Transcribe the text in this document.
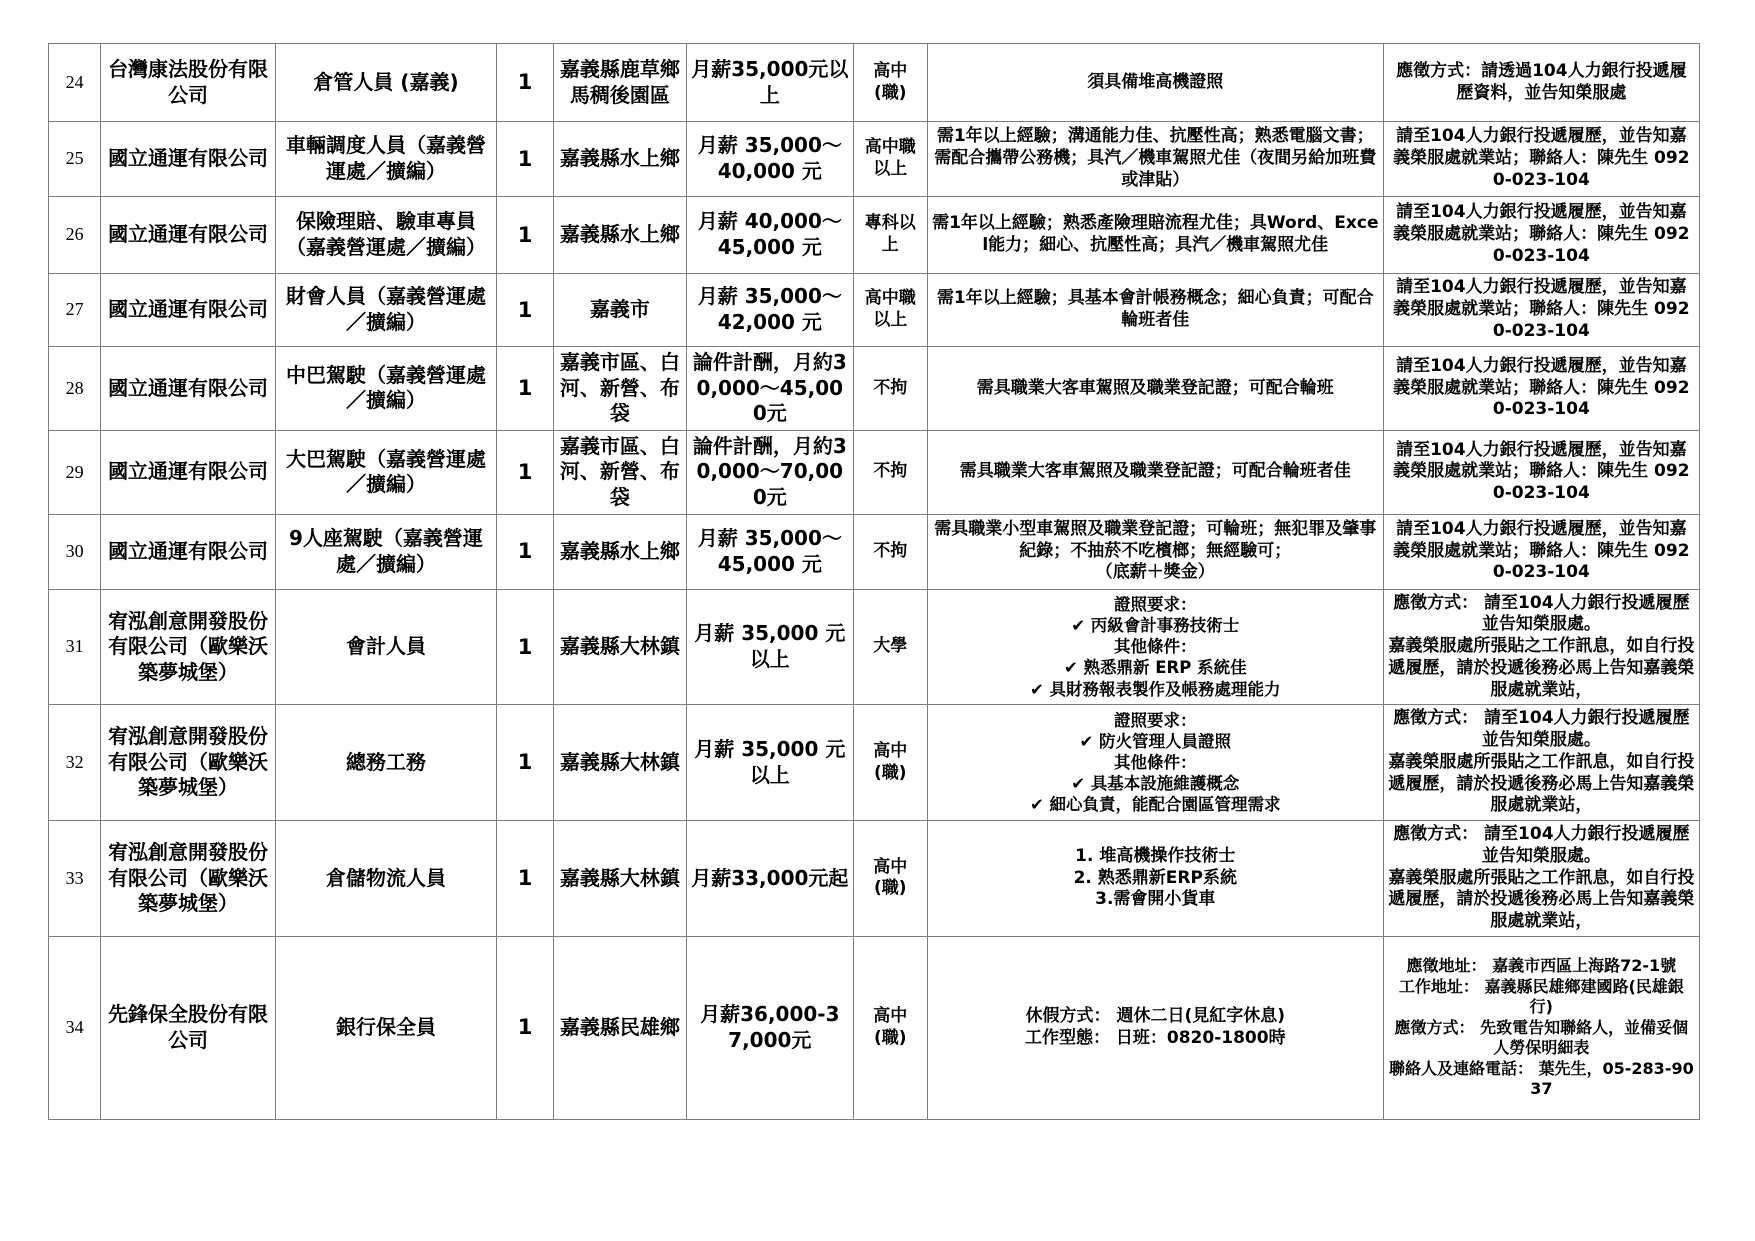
24	台灣康法股份有限公司	倉管人員 (嘉義)	1	嘉義縣鹿草鄉馬稠後園區	月薪35,000元以上	高中
(職)	須具備堆高機證照	應徵方式：請透過104人力銀行投遞履歷資料，並告知榮服處

25	國立通運有限公司	車輛調度人員（嘉義營運處／擴編）	1	嘉義縣水上鄉	月薪 35,000～40,000 元	高中職
以上	需1年以上經驗；溝通能力佳、抗壓性高；熟悉電腦文書；需配合攜帶公務機；具汽／機車駕照尤佳（夜間另給加班費或津貼）	請至104人力銀行投遞履歷，並告知嘉義榮服處就業站；聯絡人：陳先生 0920-023-104

26	國立通運有限公司	保險理賠、驗車專員（嘉義營運處／擴編）	1	嘉義縣水上鄉	月薪 40,000～45,000 元	專科以上	需1年以上經驗；熟悉產險理賠流程尤佳；具Word、Excel能力；細心、抗壓性高；具汽／機車駕照尤佳	請至104人力銀行投遞履歷，並告知嘉義榮服處就業站；聯絡人：陳先生 0920-023-104

27	國立通運有限公司	財會人員（嘉義營運處／擴編）	1	嘉義市	月薪 35,000～42,000 元	高中職
以上	需1年以上經驗；具基本會計帳務概念；細心負責；可配合輪班者佳	請至104人力銀行投遞履歷，並告知嘉義榮服處就業站；聯絡人：陳先生 0920-023-104

28	國立通運有限公司	中巴駕駛（嘉義營運處／擴編）	1	嘉義市區、白河、新營、布袋	論件計酬，月約30,000～45,000元	不拘	需具職業大客車駕照及職業登記證；可配合輪班	請至104人力銀行投遞履歷，並告知嘉義榮服處就業站；聯絡人：陳先生 0920-023-104

29	國立通運有限公司	大巴駕駛（嘉義營運處／擴編）	1	嘉義市區、白河、新營、布袋	論件計酬，月約30,000～70,000元	不拘	需具職業大客車駕照及職業登記證；可配合輪班者佳	請至104人力銀行投遞履歷，並告知嘉義榮服處就業站；聯絡人：陳先生 0920-023-104

30	國立通運有限公司	9人座駕駛（嘉義營運處／擴編）	1	嘉義縣水上鄉	月薪 35,000～45,000 元	不拘	需具職業小型車駕照及職業登記證；可輪班；無犯罪及肇事紀錄；不抽菸不吃檳榔；無經驗可；
（底薪＋獎金）	請至104人力銀行投遞履歷，並告知嘉義榮服處就業站；聯絡人：陳先生 0920-023-104

31	宥泓創意開發股份有限公司（歐樂沃築夢城堡）	會計人員	1	嘉義縣大林鎮	月薪 35,000 元以上	大學	證照要求：
✔ 丙級會計事務技術士
其他條件：
✔ 熟悉鼎新 ERP 系統佳
✔ 具財務報表製作及帳務處理能力	應徵方式： 請至104人力銀行投遞履歷並告知榮服處。
嘉義榮服處所張貼之工作訊息，如自行投遞履歷，請於投遞後務必馬上告知嘉義榮服處就業站，

32	宥泓創意開發股份有限公司（歐樂沃築夢城堡）	總務工務	1	嘉義縣大林鎮	月薪 35,000 元以上	高中
(職)	證照要求：
✔ 防火管理人員證照
其他條件：
✔ 具基本設施維護概念
✔ 細心負責，能配合園區管理需求	應徵方式： 請至104人力銀行投遞履歷並告知榮服處。
嘉義榮服處所張貼之工作訊息，如自行投遞履歷，請於投遞後務必馬上告知嘉義榮服處就業站，

33	宥泓創意開發股份有限公司（歐樂沃築夢城堡）	倉儲物流人員	1	嘉義縣大林鎮	月薪33,000元起	高中
(職)	1. 堆高機操作技術士
2. 熟悉鼎新ERP系統
3.需會開小貨車	應徵方式： 請至104人力銀行投遞履歷並告知榮服處。
嘉義榮服處所張貼之工作訊息，如自行投遞履歷，請於投遞後務必馬上告知嘉義榮服處就業站，

34	先鋒保全股份有限公司	銀行保全員	1	嘉義縣民雄鄉	月薪36,000-37,000元	高中
(職)	休假方式： 週休二日(見紅字休息)
工作型態： 日班：0820-1800時	應徵地址： 嘉義市西區上海路72-1號
工作地址： 嘉義縣民雄鄉建國路(民雄銀行)
應徵方式： 先致電告知聯絡人，並備妥個人勞保明細表
聯絡人及連絡電話： 葉先生，05-283-9037
